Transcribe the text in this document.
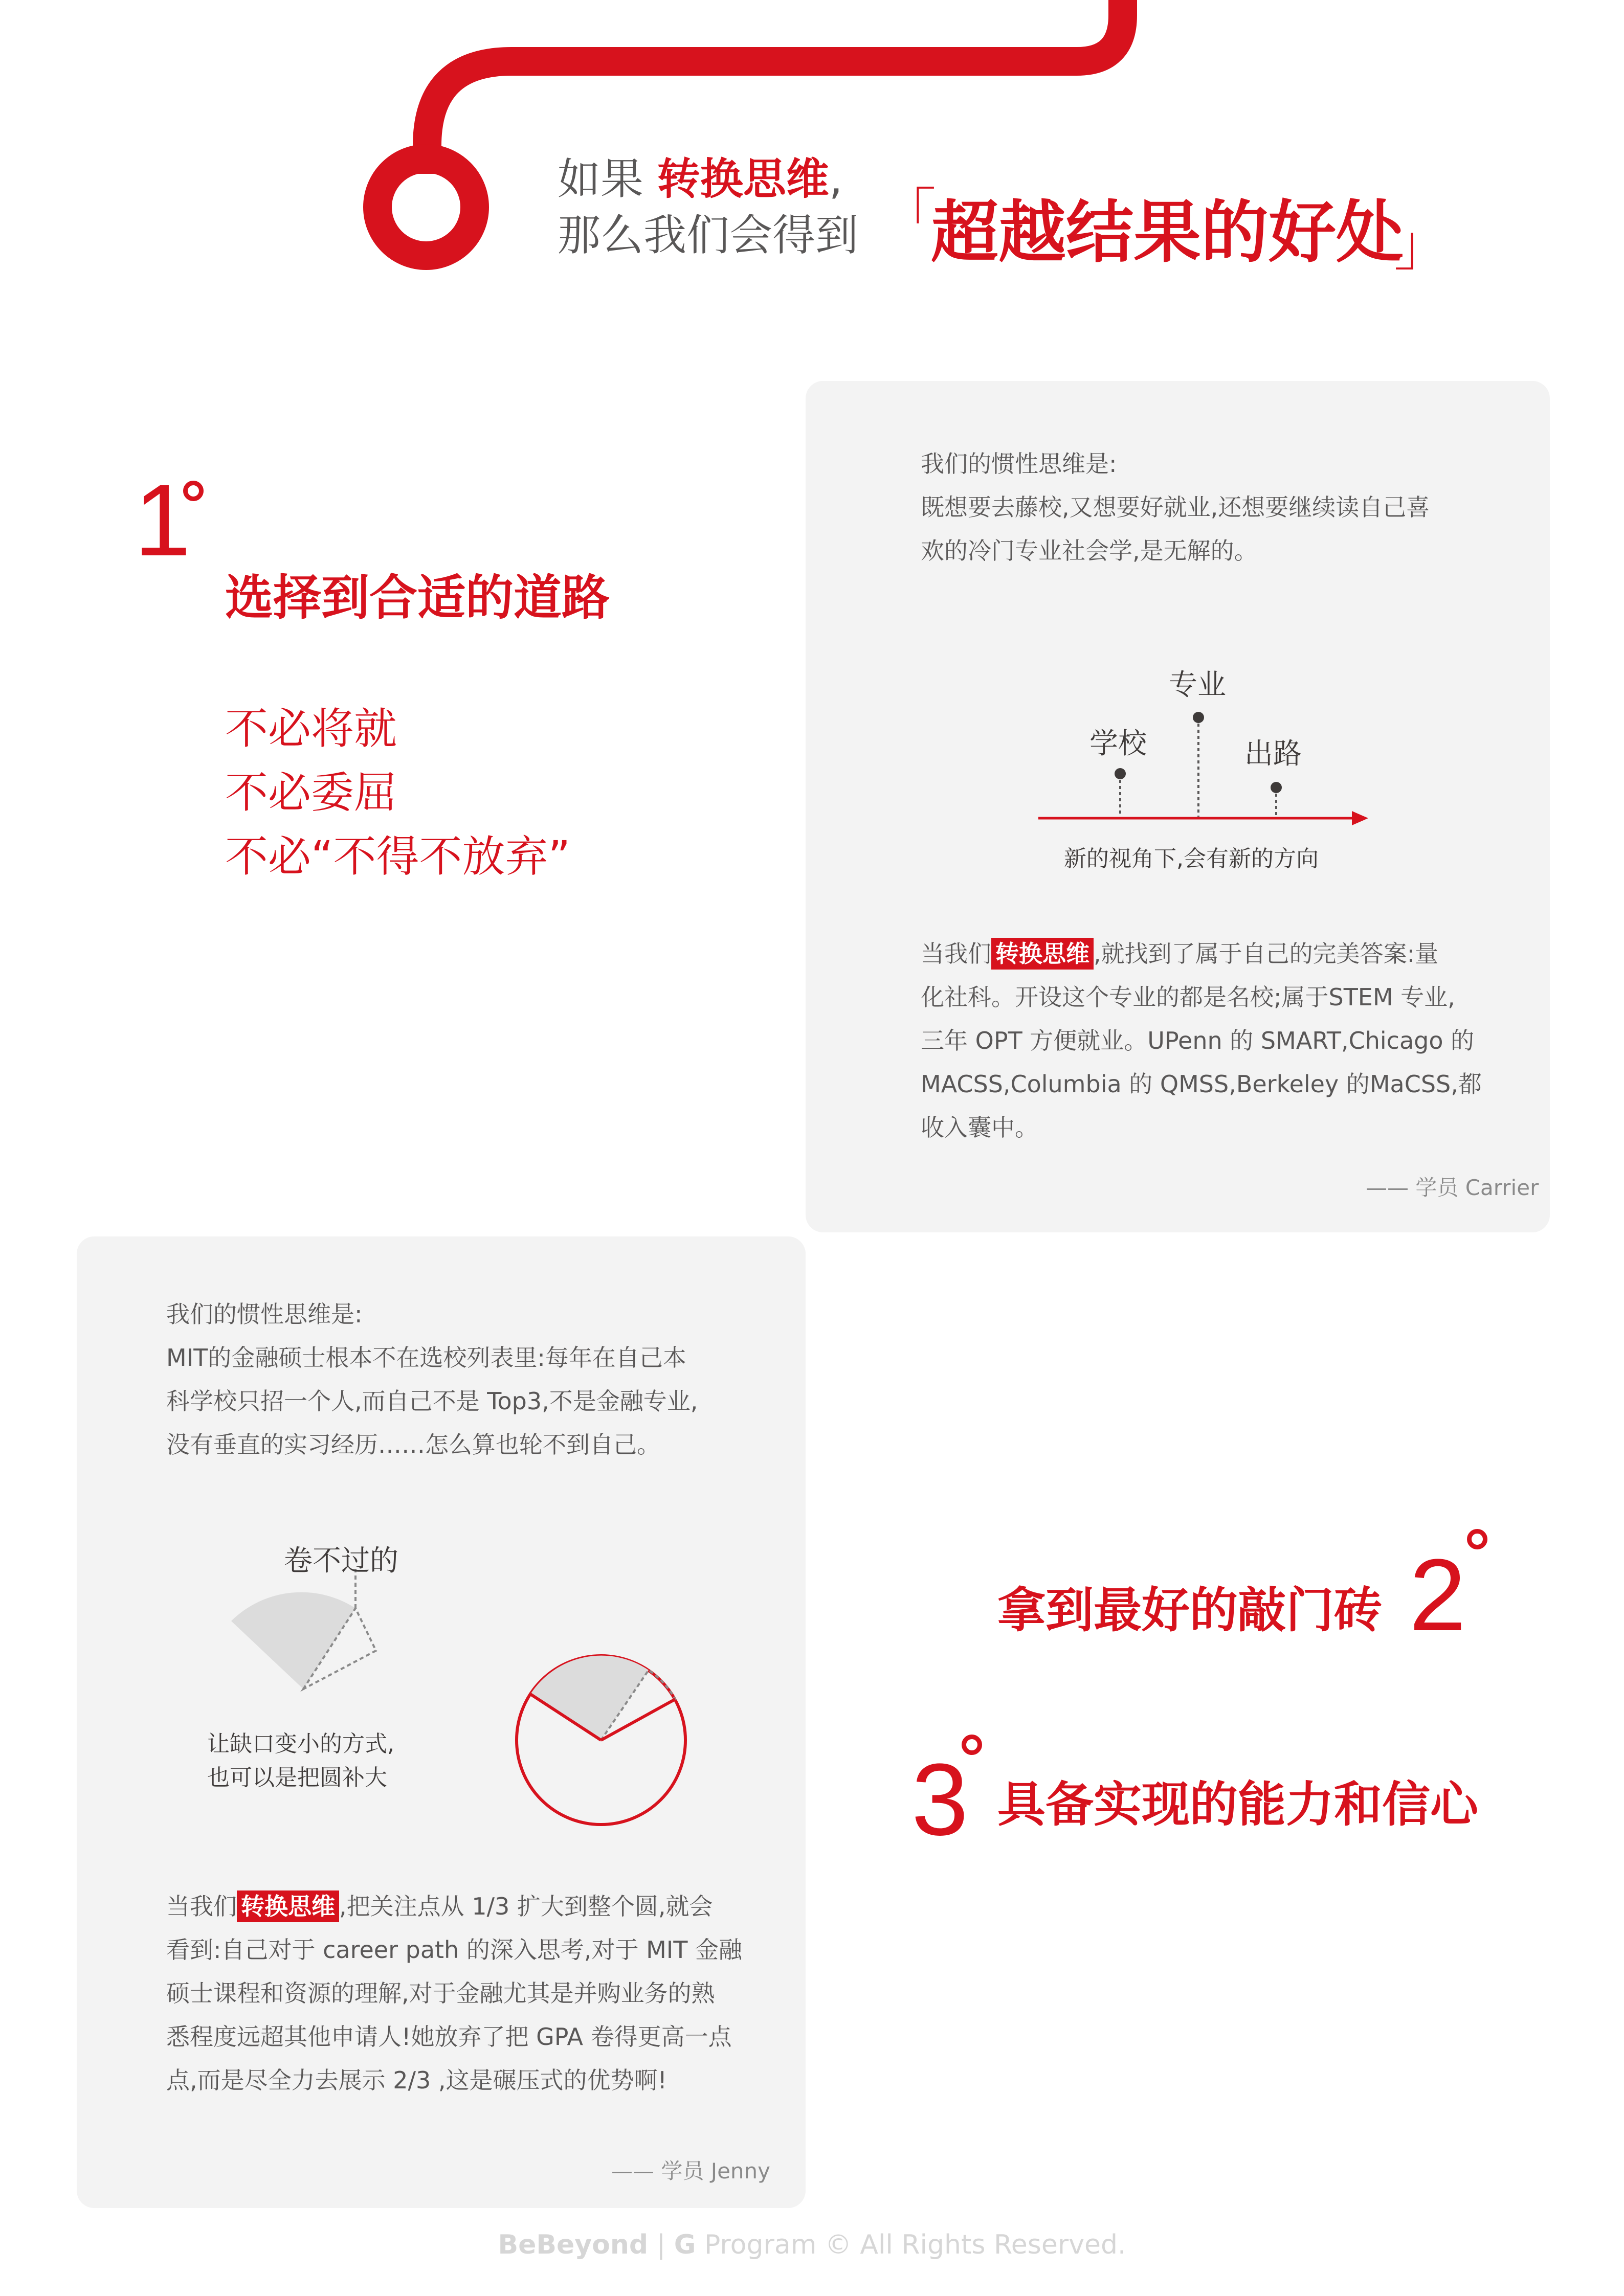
如果 转换思维,
那么我们会得到 「
超越结果的好处
」
1
选择到合适的道路
不必将就
不必委屈
不必“不得不放弃”
我们的惯性思维是:
既想要去藤校,又想要好就业,还想要继续读自己喜
欢的冷门专业社会学,是无解的。
学校
专业
出路
新的视角下,会有新的方向
当我们 转换思维 ,就找到了属于自己的完美答案:量
化社科。开设这个专业的都是名校;属于STEM 专业,
三年 OPT 方便就业。UPenn 的 SMART,Chicago 的
MACSS,Columbia 的 QMSS,Berkeley 的MaCSS,都
收入囊中。
—— 学员 Carrier
我们的惯性思维是:
MIT的金融硕士根本不在选校列表里:每年在自己本
科学校只招一个人,而自己不是 Top3,不是金融专业,
没有垂直的实习经历……怎么算也轮不到自己。
卷不过的
让缺口变小的方式,
也可以是把圆补大
当我们 转换思维 ,把关注点从 1/3 扩大到整个圆,就会
看到:自己对于 career path 的深入思考,对于 MIT 金融
硕士课程和资源的理解,对于金融尤其是并购业务的熟
悉程度远超其他申请人!她放弃了把 GPA 卷得更高一点
点,而是尽全力去展示 2/3 ,这是碾压式的优势啊!
—— 学员 Jenny
拿到最好的敲门砖 2
3 具备实现的能力和信心
BeBeyond | G Program © All Rights Reserved.
